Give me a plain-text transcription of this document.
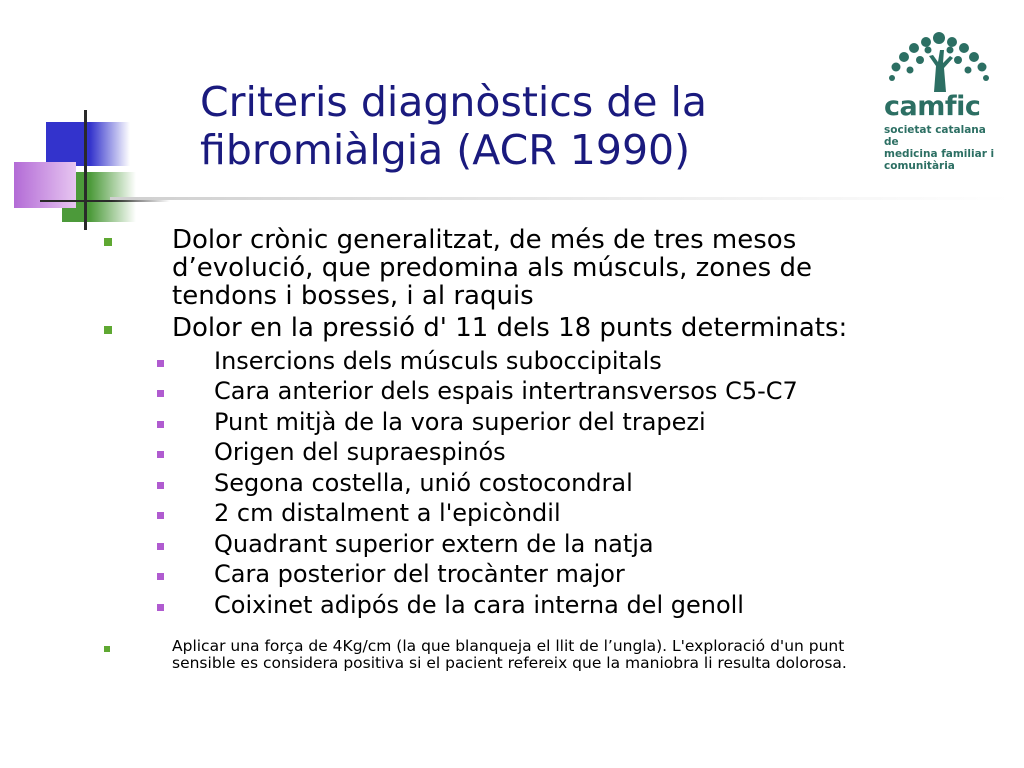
Criteris diagnòstics de la
fibromiàlgia (ACR 1990)
camfic
societat catalana de
medicina familiar i
comunitària
Dolor crònic generalitzat, de més de tres mesos
d’evolució, que predomina als músculs, zones de
tendons i bosses, i al raquis
Dolor en la pressió d' 11 dels 18 punts determinats:
Insercions dels músculs suboccipitals
Cara anterior dels espais intertransversos C5-C7
Punt mitjà de la vora superior del trapezi
Origen del supraespinós
Segona costella, unió costocondral
2 cm distalment a l'epicòndil
Quadrant superior extern de la natja
Cara posterior del trocànter major
Coixinet adipós de la cara interna del genoll
Aplicar una força de 4Kg/cm (la que blanqueja el llit de l’ungla). L'exploració d'un punt
sensible es considera positiva si el pacient refereix que la maniobra li resulta dolorosa.
